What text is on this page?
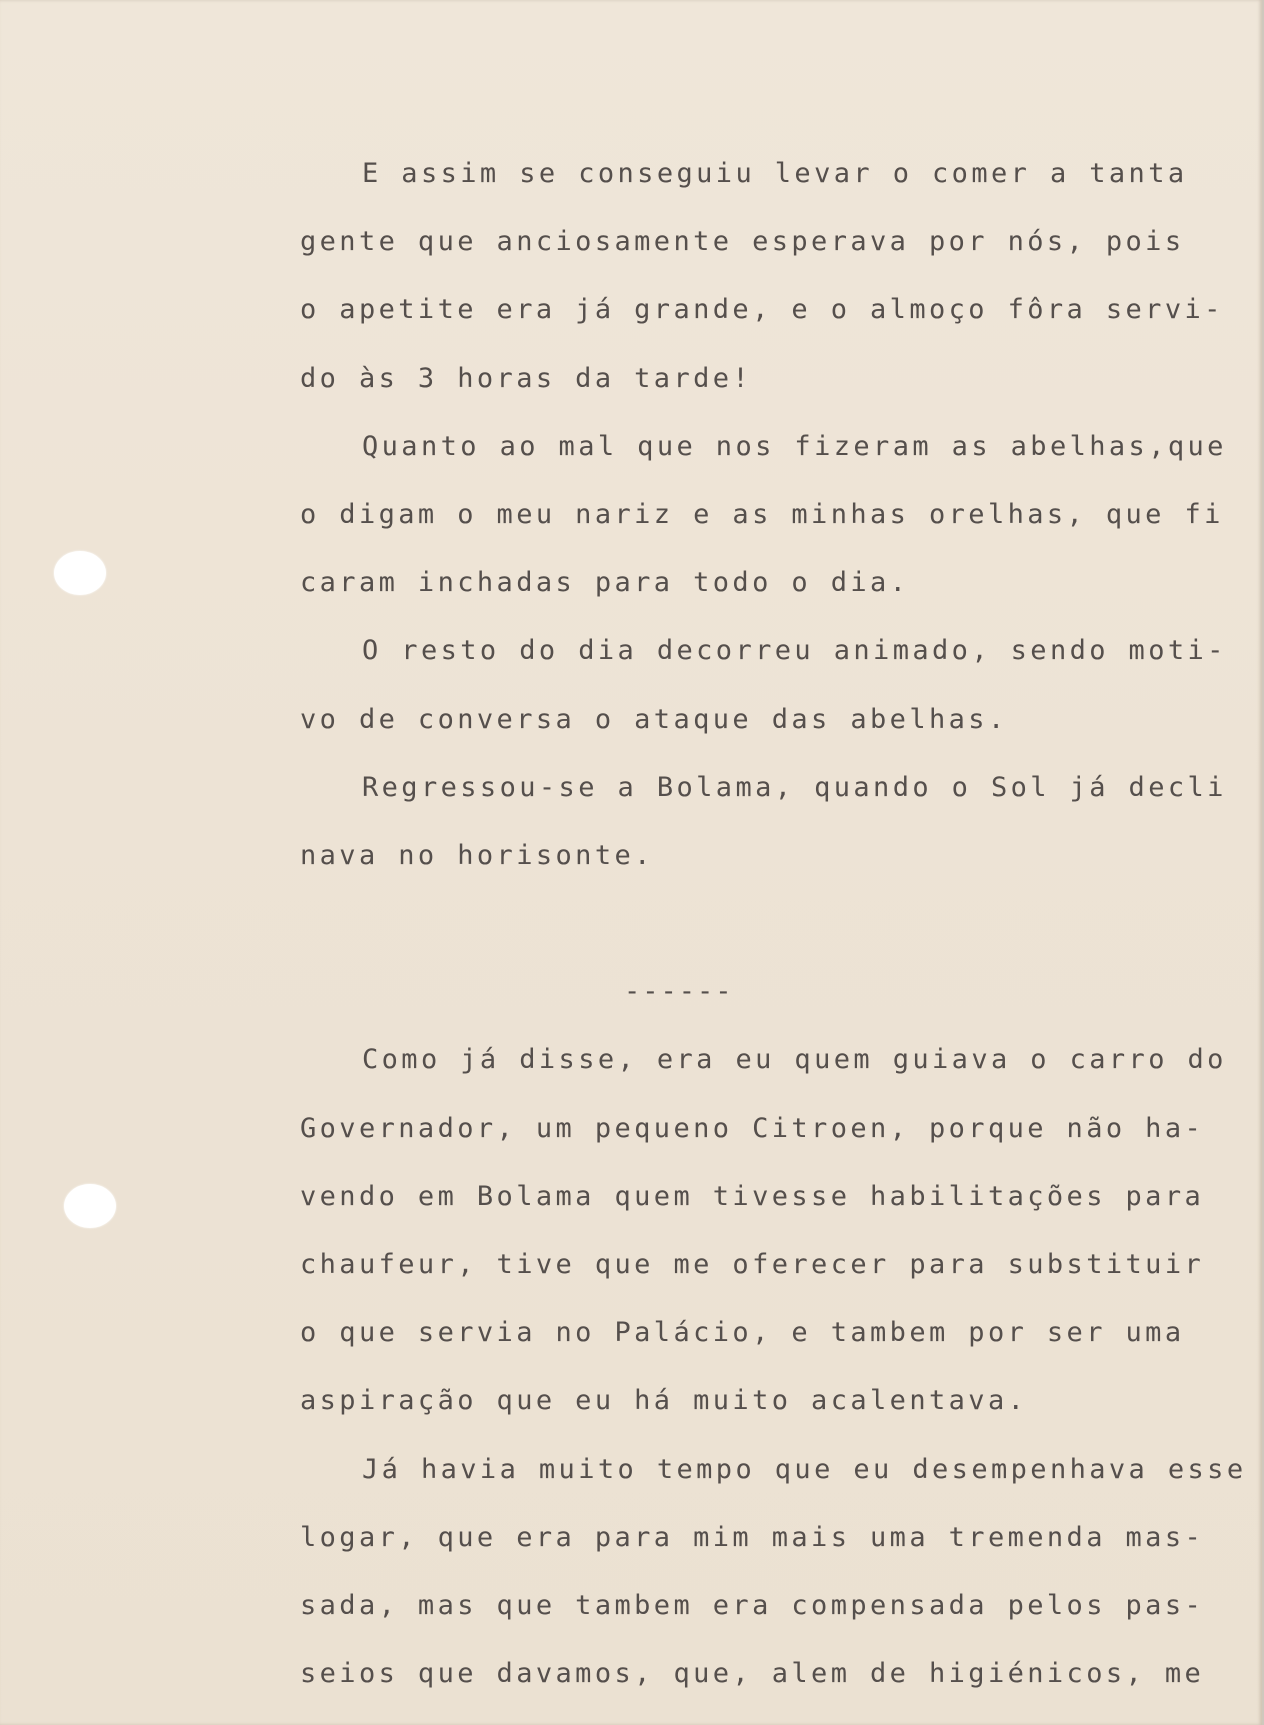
E assim se conseguiu levar o comer a tanta

gente que anciosamente esperava por nós, pois

o apetite era já grande, e o almoço fôra servi-

do às 3 horas da tarde!

Quanto ao mal que nos fizeram as abelhas,que

o digam o meu nariz e as minhas orelhas, que fi

caram inchadas para todo o dia.

O resto do dia decorreu animado, sendo moti-

vo de conversa o ataque das abelhas.

Regressou-se a Bolama, quando o Sol já decli

nava no horisonte.

------

Como já disse, era eu quem guiava o carro do

Governador, um pequeno Citroen, porque não ha-

vendo em Bolama quem tivesse habilitações para

chaufeur, tive que me oferecer para substituir

o que servia no Palácio, e tambem por ser uma

aspiração que eu há muito acalentava.

Já havia muito tempo que eu desempenhava esse

logar, que era para mim mais uma tremenda mas-

sada, mas que tambem era compensada pelos pas-

seios que davamos, que, alem de higiénicos, me
